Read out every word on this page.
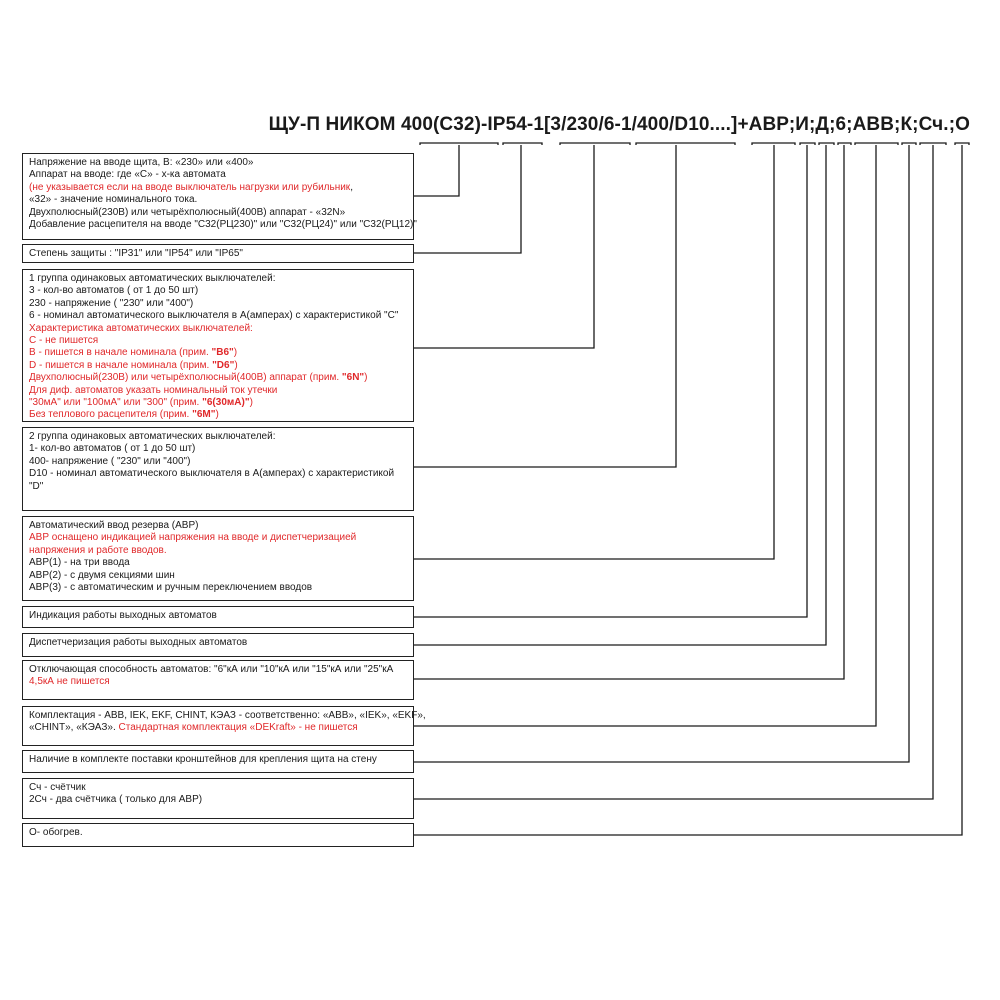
ЩУ-П НИКОМ 400(С32)-IP54-1[3/230/6-1/400/D10....]+АВР;И;Д;6;АВВ;К;Сч.;О
Напряжение на вводе щита, В: «230» или «400»
Аппарат на вводе: где «С» - х-ка автомата
(не указывается если на вводе выключатель нагрузки или рубильник,
«32» - значение номинального тока.
Двухполюсный(230В) или четырёхполюсный(400В) аппарат - «32N»
Добавление расцепителя на вводе "С32(РЦ230)" или "С32(РЦ24)" или "С32(РЦ12)"
Степень защиты : "IP31" или "IP54" или "IP65"
1 группа одинаковых автоматических выключателей:
3 - кол-во автоматов ( от 1 до 50 шт)
230 - напряжение ( "230" или "400")
6 - номинал автоматического выключателя в А(амперах) с характеристикой "С"
Характеристика автоматических выключателей:
С - не пишется
В - пишется в начале номинала (прим. "В6")
D - пишется в начале номинала (прим. "D6")
Двухполюсный(230В) или четырёхполюсный(400В) аппарат (прим. "6N")
Для диф. автоматов указать номинальный ток утечки
"30мА" или "100мА" или "300" (прим. "6(30мА)")
Без теплового расцепителя (прим. "6М")
2 группа одинаковых автоматических выключателей:
1- кол-во автоматов ( от 1 до 50 шт)
400- напряжение ( "230" или "400")
D10 - номинал автоматического выключателя в А(амперах) с характеристикой
"D"
Автоматический ввод резерва (АВР)
АВР оснащено индикацией напряжения на вводе и диспетчеризацией
напряжения и работе вводов.
АВР(1) - на три ввода
АВР(2) - с двумя секциями шин
АВР(3) - с автоматическим и ручным переключением вводов
Индикация работы выходных автоматов
Диспетчеризация работы выходных автоматов
Отключающая способность автоматов: "6"кА или "10"кА или "15"кА или "25"кА
4,5кА не пишется
Комплектация - ABB, IEK, EKF, CHINT, КЭАЗ - соответственно: «ABB», «IEK», «EKF»,
«CHINT», «КЭАЗ». Стандартная комплектация «DEKraft» - не пишется
Наличие в комплекте поставки кронштейнов для крепления щита на стену
Сч - счётчик
2Сч - два счётчика ( только для АВР)
О- обогрев.
